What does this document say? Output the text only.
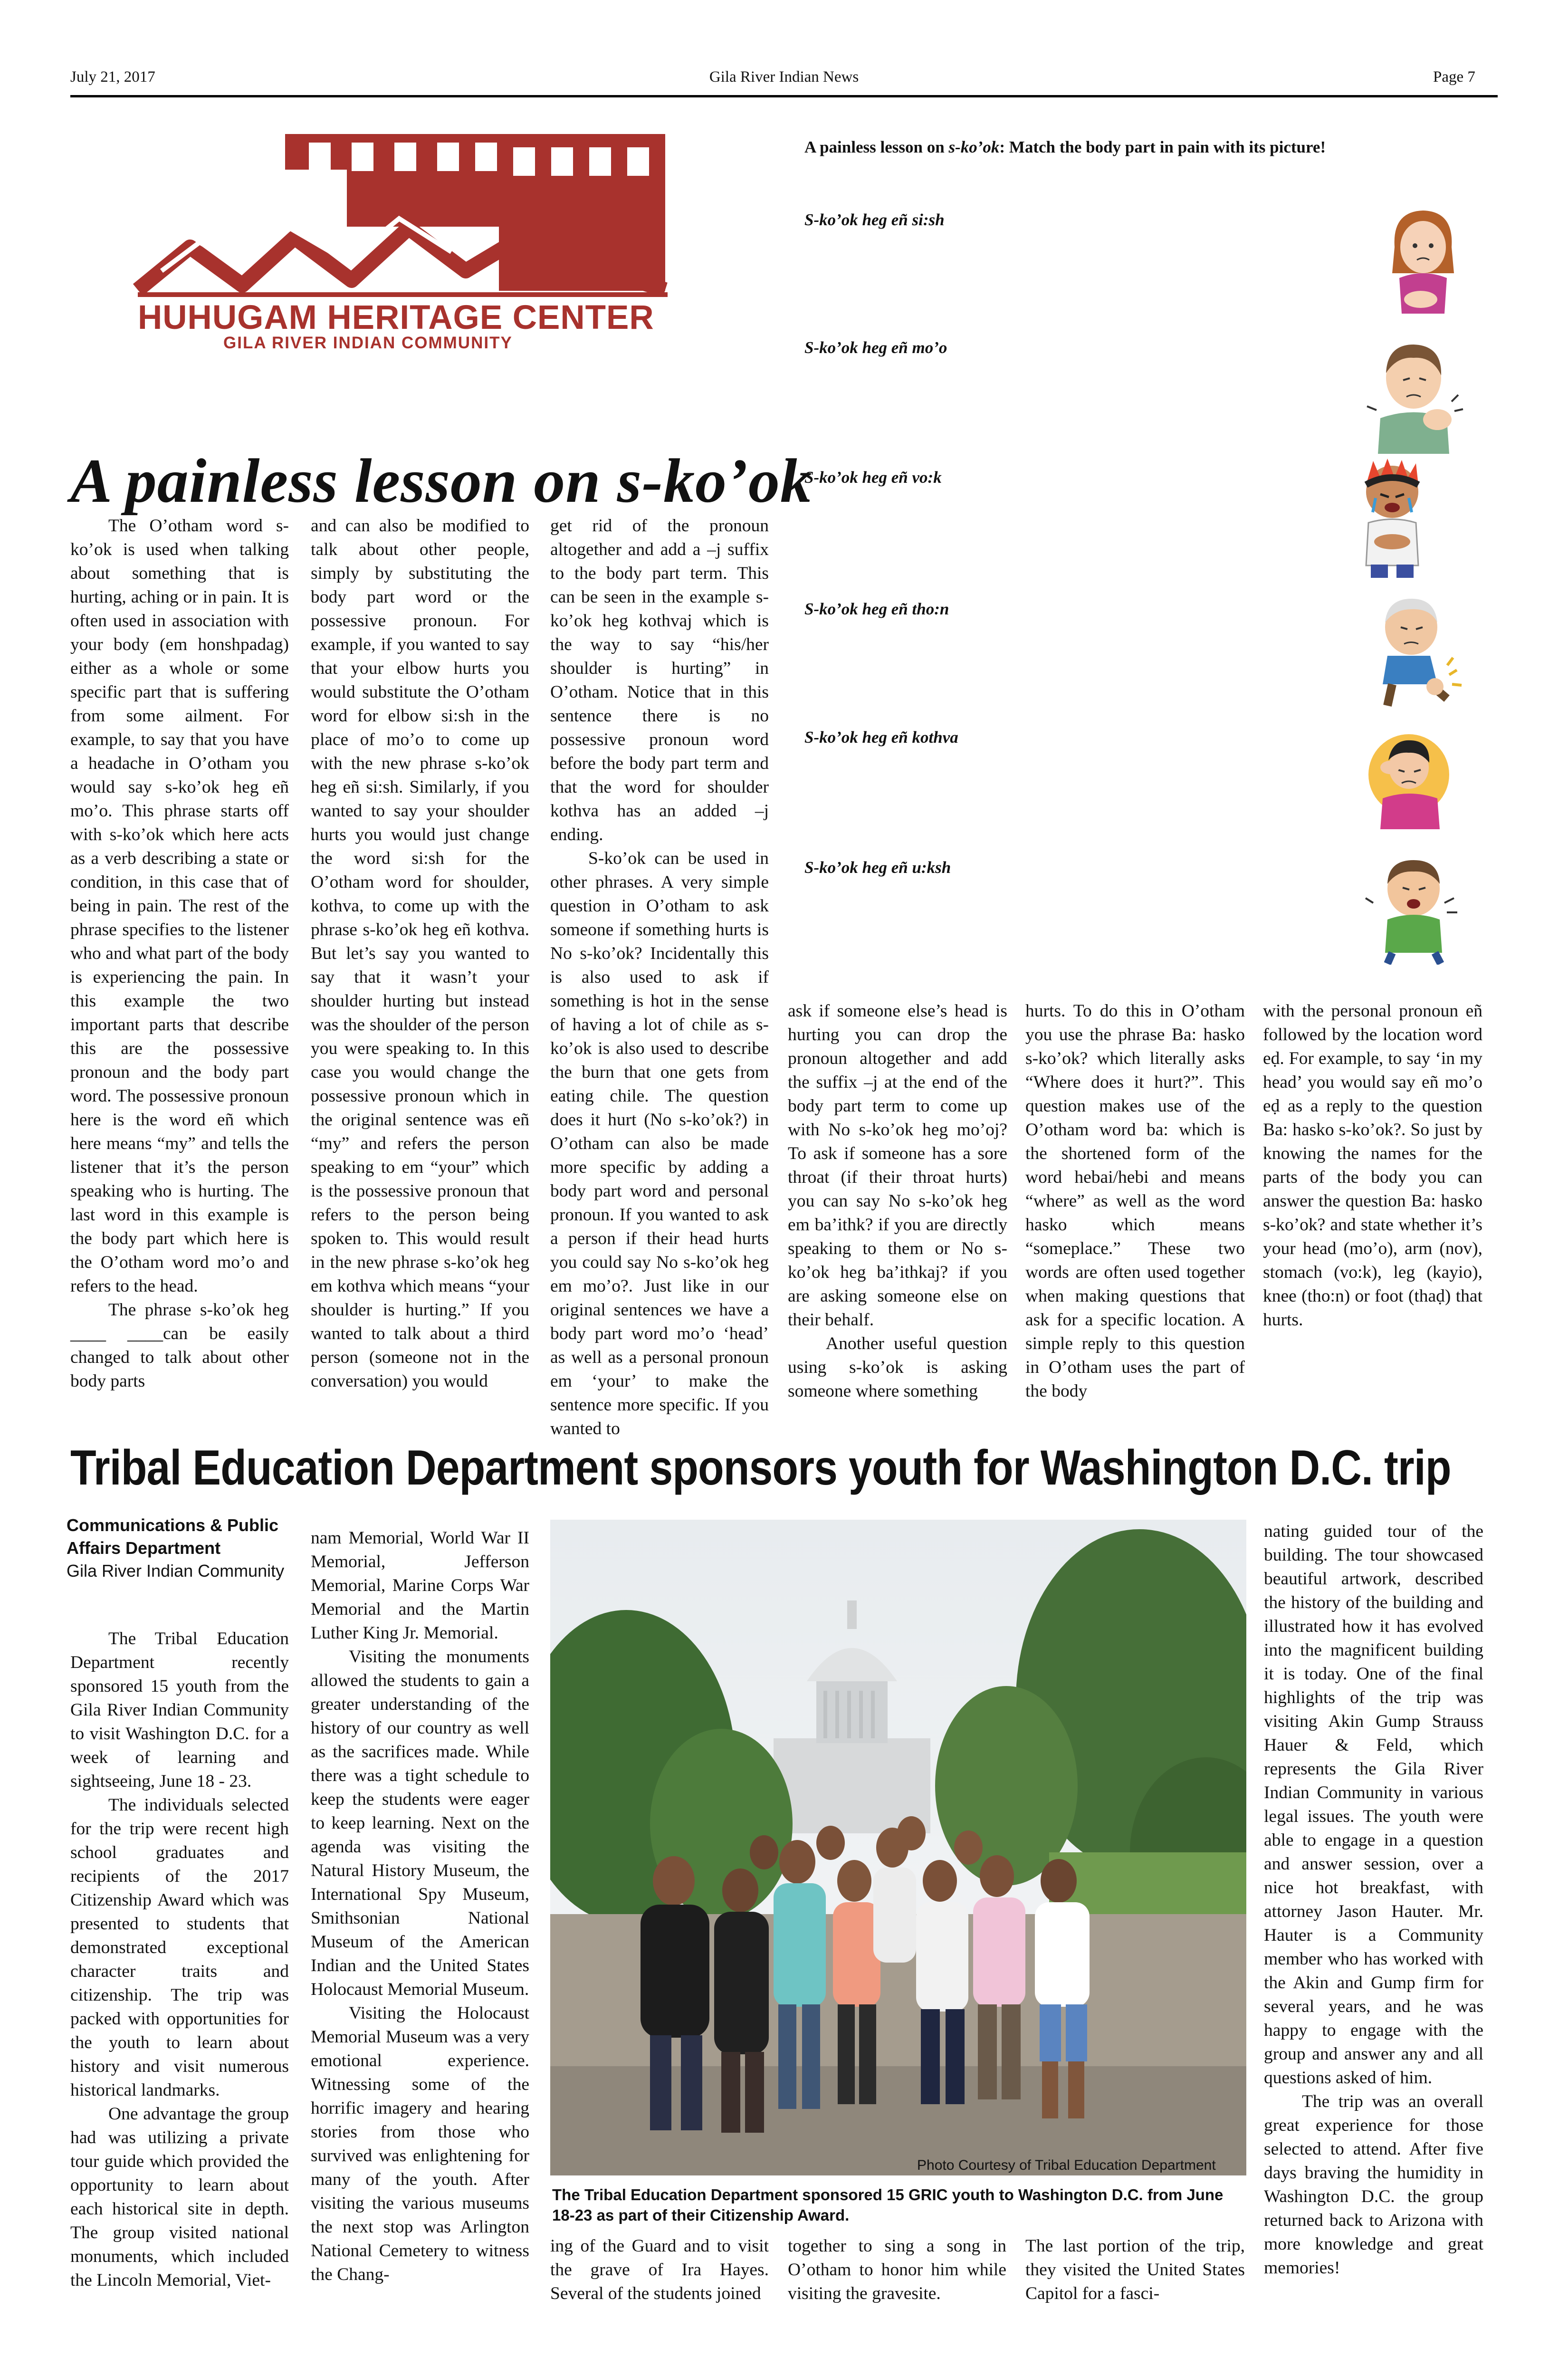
July 21, 2017	Gila River Indian News	Page 7
HUHUGAM HERITAGE CENTER
GILA RIVER INDIAN COMMUNITY
A painless lesson on s-ko’ok: Match the body part in pain with its picture!
S-ko’ok heg eñ si:sh
S-ko’ok heg eñ mo’o
S-ko’ok heg eñ vo:k
S-ko’ok heg eñ tho:n
S-ko’ok heg eñ kothva
S-ko’ok heg eñ u:ksh
A painless lesson on s-ko’ok

The O’otham word s-ko’ok is used when talking about something that is hurting, aching or in pain. It is often used in association with your body (em honshpadag) either as a whole or some specific part that is suffering from some ailment. For example, to say that you have a headache in O’otham you would say s-ko’ok heg eñ mo’o. This phrase starts off with s-ko’ok which here acts as a verb describing a state or condition, in this case that of being in pain. The rest of the phrase specifies to the listener who and what part of the body is experiencing the pain. In this example the two important parts that describe this are the possessive pronoun and the body part word. The possessive pronoun here is the word eñ which here means “my” and tells the listener that it’s the person speaking who is hurting. The last word in this example is the body part which here is the O’otham word mo’o and refers to the head.

The phrase s-ko’ok heg ____ ____can be easily changed to talk about other body parts

and can also be modified to talk about other people, simply by substituting the body part word or the possessive pronoun. For example, if you wanted to say that your elbow hurts you would substitute the O’otham word for elbow si:sh in the place of mo’o to come up with the new phrase s-ko’ok heg eñ si:sh. Similarly, if you wanted to say your shoulder hurts you would just change the word si:sh for the O’otham word for shoulder, kothva, to come up with the phrase s-ko’ok heg eñ kothva. But let’s say you wanted to say that it wasn’t your shoulder hurting but instead was the shoulder of the person you were speaking to. In this case you would change the possessive pronoun which in the original sentence was eñ “my” and refers the person speaking to em “your” which is the possessive pronoun that refers to the person being spoken to. This would result in the new phrase s-ko’ok heg em kothva which means “your shoulder is hurting.” If you wanted to talk about a third person (someone not in the conversation) you would

get rid of the pronoun altogether and add a –j suffix to the body part term. This can be seen in the example s-ko’ok heg kothvaj which is the way to say “his/her shoulder is hurting” in O’otham. Notice that in this sentence there is no possessive pronoun word before the body part term and that the word for shoulder kothva has an added –j ending.

S-ko’ok can be used in other phrases. A very simple question in O’otham to ask someone if something hurts is No s-ko’ok? Incidentally this is also used to ask if something is hot in the sense of having a lot of chile as s-ko’ok is also used to describe the burn that one gets from eating chile. The question does it hurt (No s-ko’ok?) in O’otham can also be made more specific by adding a body part word and personal pronoun. If you wanted to ask a person if their head hurts you could say No s-ko’ok heg em mo’o?. Just like in our original sentences we have a body part word mo’o ‘head’ as well as a personal pronoun em ‘your’ to make the sentence more specific. If you wanted to

ask if someone else’s head is hurting you can drop the pronoun altogether and add the suffix –j at the end of the body part term to come up with No s-ko’ok heg mo’oj? To ask if someone has a sore throat (if their throat hurts) you can say No s-ko’ok heg em ba’ithk? if you are directly speaking to them or No s-ko’ok heg ba’ithkaj? if you are asking someone else on their behalf.

Another useful question using s-ko’ok is asking someone where something

hurts. To do this in O’otham you use the phrase Ba: hasko s-ko’ok? which literally asks “Where does it hurt?”. This question makes use of the O’otham word ba: which is the shortened form of the word hebai/hebi and means “where” as well as the word hasko which means “someplace.” These two words are often used together when making questions that ask for a specific location. A simple reply to this question in O’otham uses the part of the body

with the personal pronoun eñ followed by the location word eḍ. For example, to say ‘in my head’ you would say eñ mo’o eḍ as a reply to the question Ba: hasko s-ko’ok?. So just by knowing the names for the parts of the body you can answer the question Ba: hasko s-ko’ok? and state whether it’s your head (mo’o), arm (nov), stomach (vo:k), leg (kayio), knee (tho:n) or foot (thaḍ) that hurts.

Tribal Education Department sponsors youth for Washington D.C. trip
Communications & Public Affairs Department
Gila River Indian Community

The Tribal Education Department recently sponsored 15 youth from the Gila River Indian Community to visit Washington D.C. for a week of learning and sightseeing, June 18 - 23.

The individuals selected for the trip were recent high school graduates and recipients of the 2017 Citizenship Award which was presented to students that demonstrated exceptional character traits and citizenship. The trip was packed with opportunities for the youth to learn about history and visit numerous historical landmarks.

One advantage the group had was utilizing a private tour guide which provided the opportunity to learn about each historical site in depth. The group visited national monuments, which included the Lincoln Memorial, Viet-

nam Memorial, World War II Memorial, Jefferson Memorial, Marine Corps War Memorial and the Martin Luther King Jr. Memorial.

Visiting the monuments allowed the students to gain a greater understanding of the history of our country as well as the sacrifices made. While there was a tight schedule to keep the students were eager to keep learning. Next on the agenda was visiting the Natural History Museum, the International Spy Museum, Smithsonian National Museum of the American Indian and the United States Holocaust Memorial Museum.

Visiting the Holocaust Memorial Museum was a very emotional experience. Witnessing some of the horrific imagery and hearing stories from those who survived was enlightening for many of the youth. After visiting the various museums the next stop was Arlington National Cemetery to witness the Chang-

Photo Courtesy of Tribal Education Department
The Tribal Education Department sponsored 15 GRIC youth to Washington D.C. from June 18-23 as part of their Citizenship Award.

ing of the Guard and to visit the grave of Ira Hayes. Several of the students joined

together to sing a song in O’otham to honor him while visiting the gravesite.

The last portion of the trip, they visited the United States Capitol for a fasci-

nating guided tour of the building. The tour showcased beautiful artwork, described the history of the building and illustrated how it has evolved into the magnificent building it is today. One of the final highlights of the trip was visiting Akin Gump Strauss Hauer & Feld, which represents the Gila River Indian Community in various legal issues. The youth were able to engage in a question and answer session, over a nice hot breakfast, with attorney Jason Hauter. Mr. Hauter is a Community member who has worked with the Akin and Gump firm for several years, and he was happy to engage with the group and answer any and all questions asked of him.

The trip was an overall great experience for those selected to attend. After five days braving the humidity in Washington D.C. the group returned back to Arizona with more knowledge and great memories!
